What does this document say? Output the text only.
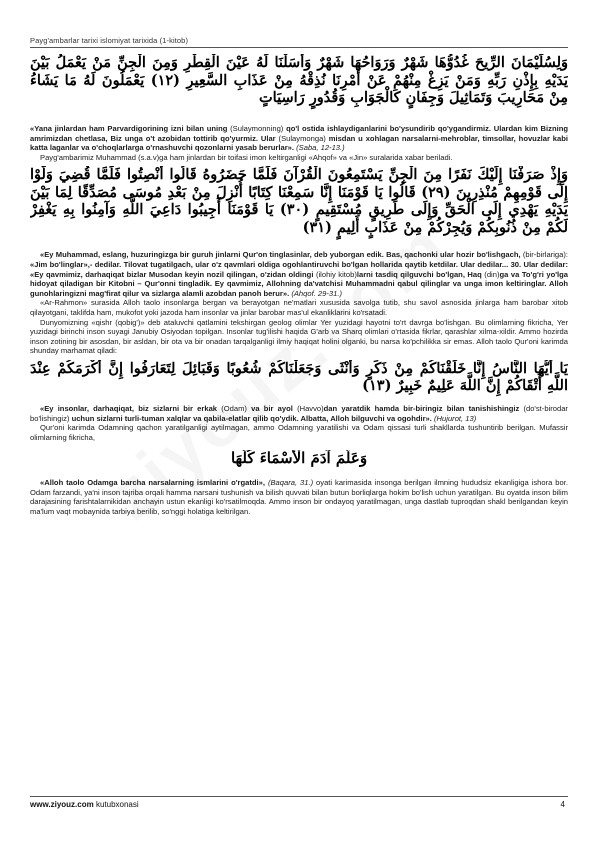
Payg'ambarlar tarixi islomiyat tarixida (1-kitob)
وَلِسُلَيْمَانَ الرِّيحَ غُدُوُّهَا شَهْرٌ وَرَوَاحُهَا شَهْرٌ وَأَسَلْنَا لَهُ عَيْنَ الْقِطْرِ وَمِنَ الْجِنِّ مَنْ يَعْمَلُ بَيْنَ يَدَيْهِ بِإِذْنِ رَبِّهِ وَمَنْ يَزِغْ مِنْهُمْ عَنْ أَمْرِنَا نُذِقْهُ مِنْ عَذَابِ السَّعِيرِ (١٢) يَعْمَلُونَ لَهُ مَا يَشَاءُ مِنْ مَحَارِيبَ وَتَمَاثِيلَ وَجِفَانٍ كَالْجَوَابِ وَقُدُورٍ رَاسِيَاتٍ

«Yana jinlardan ham Parvardigorining izni bilan uning (Sulaymonning) qo'l ostida ishlaydiganlarini bo'ysundirib qo'ygandirmiz. Ulardan kim Bizning amrimizdan chetlasa, Biz unga o't azobidan tottirib qo'yurmiz. Ular (Sulaymonga) misdan u xohlagan narsalarni-mehroblar, timsollar, hovuzlar kabi katta laganlar va o'choqlarlarga o'rnashuvchi qozonlarni yasab berurlar». (Saba, 12-13.)

Payg'ambarimiz Muhammad (s.a.v)ga ham jinlardan bir toifasi imon keltirganligi «Ahqof» va «Jin» suralarida xabar beriladi.

وَإِذْ صَرَفْنَا إِلَيْكَ نَفَرًا مِنَ الْجِنِّ يَسْتَمِعُونَ الْقُرْآنَ فَلَمَّا حَضَرُوهُ قَالُوا أَنْصِتُوا فَلَمَّا قُضِيَ وَلَّوْا إِلَى قَوْمِهِمْ مُنْذِرِينَ (٢٩) قَالُوا يَا قَوْمَنَا إِنَّا سَمِعْنَا كِتَابًا أُنْزِلَ مِنْ بَعْدِ مُوسَى مُصَدِّقًا لِمَا بَيْنَ يَدَيْهِ يَهْدِي إِلَى الْحَقِّ وَإِلَى طَرِيقٍ مُسْتَقِيمٍ (٣٠) يَا قَوْمَنَا أَجِيبُوا دَاعِيَ اللَّهِ وَآمِنُوا بِهِ يَغْفِرْ لَكُمْ مِنْ ذُنُوبِكُمْ وَيُجِرْكُمْ مِنْ عَذَابٍ أَلِيمٍ (٣١)

«Ey Muhammad, eslang, huzuringizga bir guruh jinlarni Qur'on tinglasinlar, deb yuborgan edik. Bas, qachonki ular hozir bo'lishgach, (bir-birlariga): «Jim bo'linglar»,- dedilar. Tilovat tugatilgach, ular o'z qavmlari oldiga ogohlantiruvchi bo'lgan hollarida qaytib ketdilar. Ular dedilar... 30. Ular dedilar: «Ey qavmimiz, darhaqiqat bizlar Musodan keyin nozil qilingan, o'zidan oldingi (ilohiy kitob)larni tasdiq qilguvchi bo'lgan, Haq (din)ga va To'g'ri yo'lga hidoyat qiladigan bir Kitobni – Qur'onni tingladik. Ey qavmimiz, Allohning da'vatchisi Muhammadni qabul qilinglar va unga imon keltiringlar. Alloh gunohlaringizni mag'firat qilur va sizlarga alamli azobdan panoh berur». (Ahqof. 29-31.)

«Ar-Rahmon» surasida Alloh taolo insonlarga bergan va berayotgan ne'matlari xususida savolga tutib, shu savol asnosida jinlarga ham barobar xitob qilayotgani, taklifda ham, mukofot yoki jazoda ham insonlar va jinlar barobar mas'ul ekanliklarini ko'rsatadi.

Dunyomizning «qishr (qobig')» deb ataluvchi qatlamini tekshirgan geolog olimlar Yer yuzidagi hayotni to'rt davrga bo'lishgan. Bu olimlarning fikricha, Yer yuzidagi birinchi inson suyagi Janubiy Osiyodan topilgan. Insonlar tug'ilishi haqida G'arb va Sharq olimlari o'rtasida fikrlar, qarashlar xilma-xildir. Ammo hozirda inson zotining bir asosdan, bir asldan, bir ota va bir onadan tarqalganligi ilmiy haqiqat holini olganki, bu narsa ko'pchilikka sir emas. Alloh taolo Qur'oni karimda shunday marhamat qiladi:

يَا أَيُّهَا النَّاسُ إِنَّا خَلَقْنَاكُمْ مِنْ ذَكَرٍ وَأُنْثَى وَجَعَلْنَاكُمْ شُعُوبًا وَقَبَائِلَ لِتَعَارَفُوا إِنَّ أَكْرَمَكُمْ عِنْدَ اللَّهِ أَتْقَاكُمْ إِنَّ اللَّهَ عَلِيمٌ خَبِيرٌ (١٣)

«Ey insonlar, darhaqiqat, biz sizlarni bir erkak (Odam) va bir ayol (Havvo)dan yaratdik hamda bir-biringiz bilan tanishishingiz (do'st-birodar bo'lishingiz) uchun sizlarni turli-tuman xalqlar va qabila-elatlar qilib qo'ydik. Albatta, Alloh bilguvchi va ogohdir». (Hujurot, 13)

Qur'oni karimda Odamning qachon yaratilganligi aytilmagan, ammo Odamning yaratilishi va Odam qissasi turli shakllarda tushuntirib berilgan. Mufassir olimlarning fikricha,

وَعَلَّمَ آدَمَ الْأَسْمَاءَ كُلَّهَا

«Alloh taolo Odamga barcha narsalarning ismlarini o'rgatdi», (Baqara, 31.) oyati karimasida insonga berilgan ilmning hududsiz ekanligiga ishora bor. Odam farzandi, ya'ni inson tajriba orqali hamma narsani tushunish va bilish quvvati bilan butun borliqlarga hokim bo'lish uchun yaratilgan. Bu oyatda inson bilim darajasining farishtalarnikidan anchayin ustun ekanligi ko'rsatilmoqda. Ammo inson bir ondayoq yaratilmagan, unga dastlab tuproqdan shakl berilgandan keyin ma'lum vaqt mobaynida tarbiya berilib, so'nggi holatiga keltirilgan.

www.ziyouz.com kutubxonasi	4
